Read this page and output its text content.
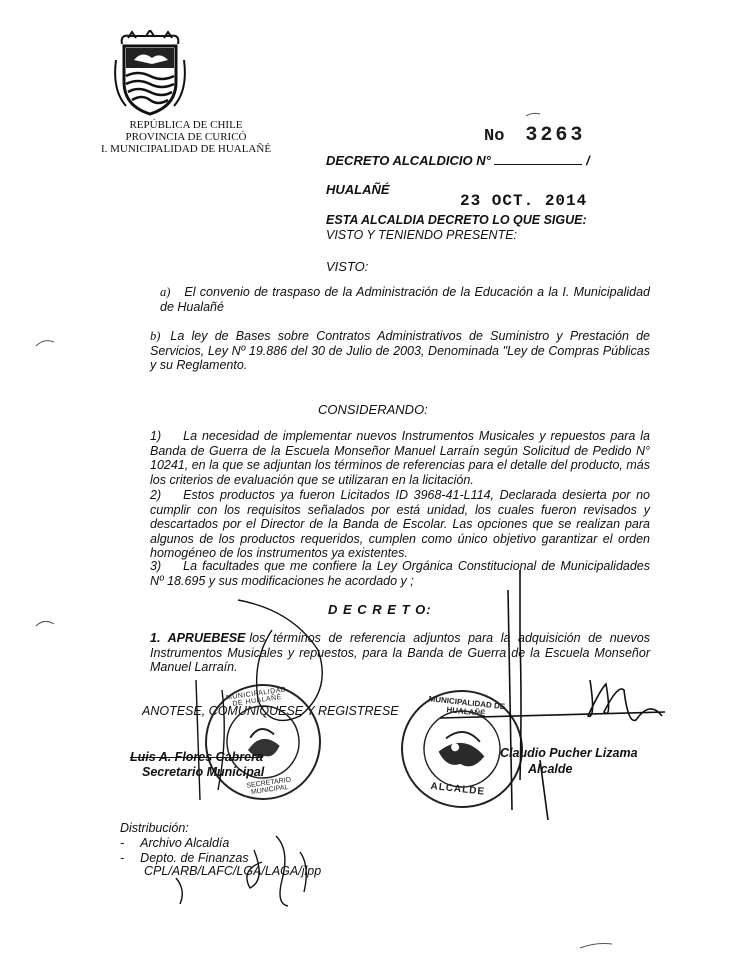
REPÚBLICA DE CHILE
PROVINCIA DE CURICÓ
I. MUNICIPALIDAD DE HUALAÑÉ
No 3263
DECRETO ALCALDICIO N°	/
HUALAÑÉ
23 OCT. 2014
ESTA ALCALDIA DECRETO LO QUE SIGUE:
VISTO Y TENIENDO PRESENTE:
VISTO:
a) El convenio de traspaso de la Administración de la Educación a la I. Municipalidad de Hualañé
b) La ley de Bases sobre Contratos Administrativos de Suministro y Prestación de Servicios, Ley Nº 19.886 del 30 de Julio de 2003, Denominada "Ley de Compras Públicas y su Reglamento.
CONSIDERANDO:
1) La necesidad de implementar nuevos Instrumentos Musicales y repuestos para la Banda de Guerra de la Escuela Monseñor Manuel Larraín según Solicitud de Pedido N° 10241, en la que se adjuntan los términos de referencias para el detalle del producto, más los criterios de evaluación que se utilizaran en la licitación.
2) Estos productos ya fueron Licitados ID 3968-41-L114, Declarada desierta por no cumplir con los requisitos señalados por está unidad, los cuales fueron revisados y descartados por el Director de la Banda de Escolar. Las opciones que se realizan para algunos de los productos requeridos, cumplen como único objetivo garantizar el orden homogéneo de los instrumentos ya existentes.
3) La facultades que me confiere la Ley Orgánica Constitucional de Municipalidades Nº 18.695 y sus modificaciones he acordado y ;
D E C R E T O:
1. APRUEBESE los términos de referencia adjuntos para la adquisición de nuevos Instrumentos Musicales y repuestos, para la Banda de Guerra de la Escuela Monseñor Manuel Larraín.
ANOTESE, COMUNIQUESE Y REGISTRESE
MUNICIPALIDAD DE HUALAÑÉ
SECRETARIO MUNICIPAL
MUNICIPALIDAD DE HUALAÑÉ
ALCALDE
Luis A. Flores Cabrera
Secretario Municipal
Claudio Pucher Lizama
Alcalde
Distribución:
- Archivo Alcaldía
- Depto. de Finanzas
CPL/ARB/LAFC/LGA/LAGA/jlpp
